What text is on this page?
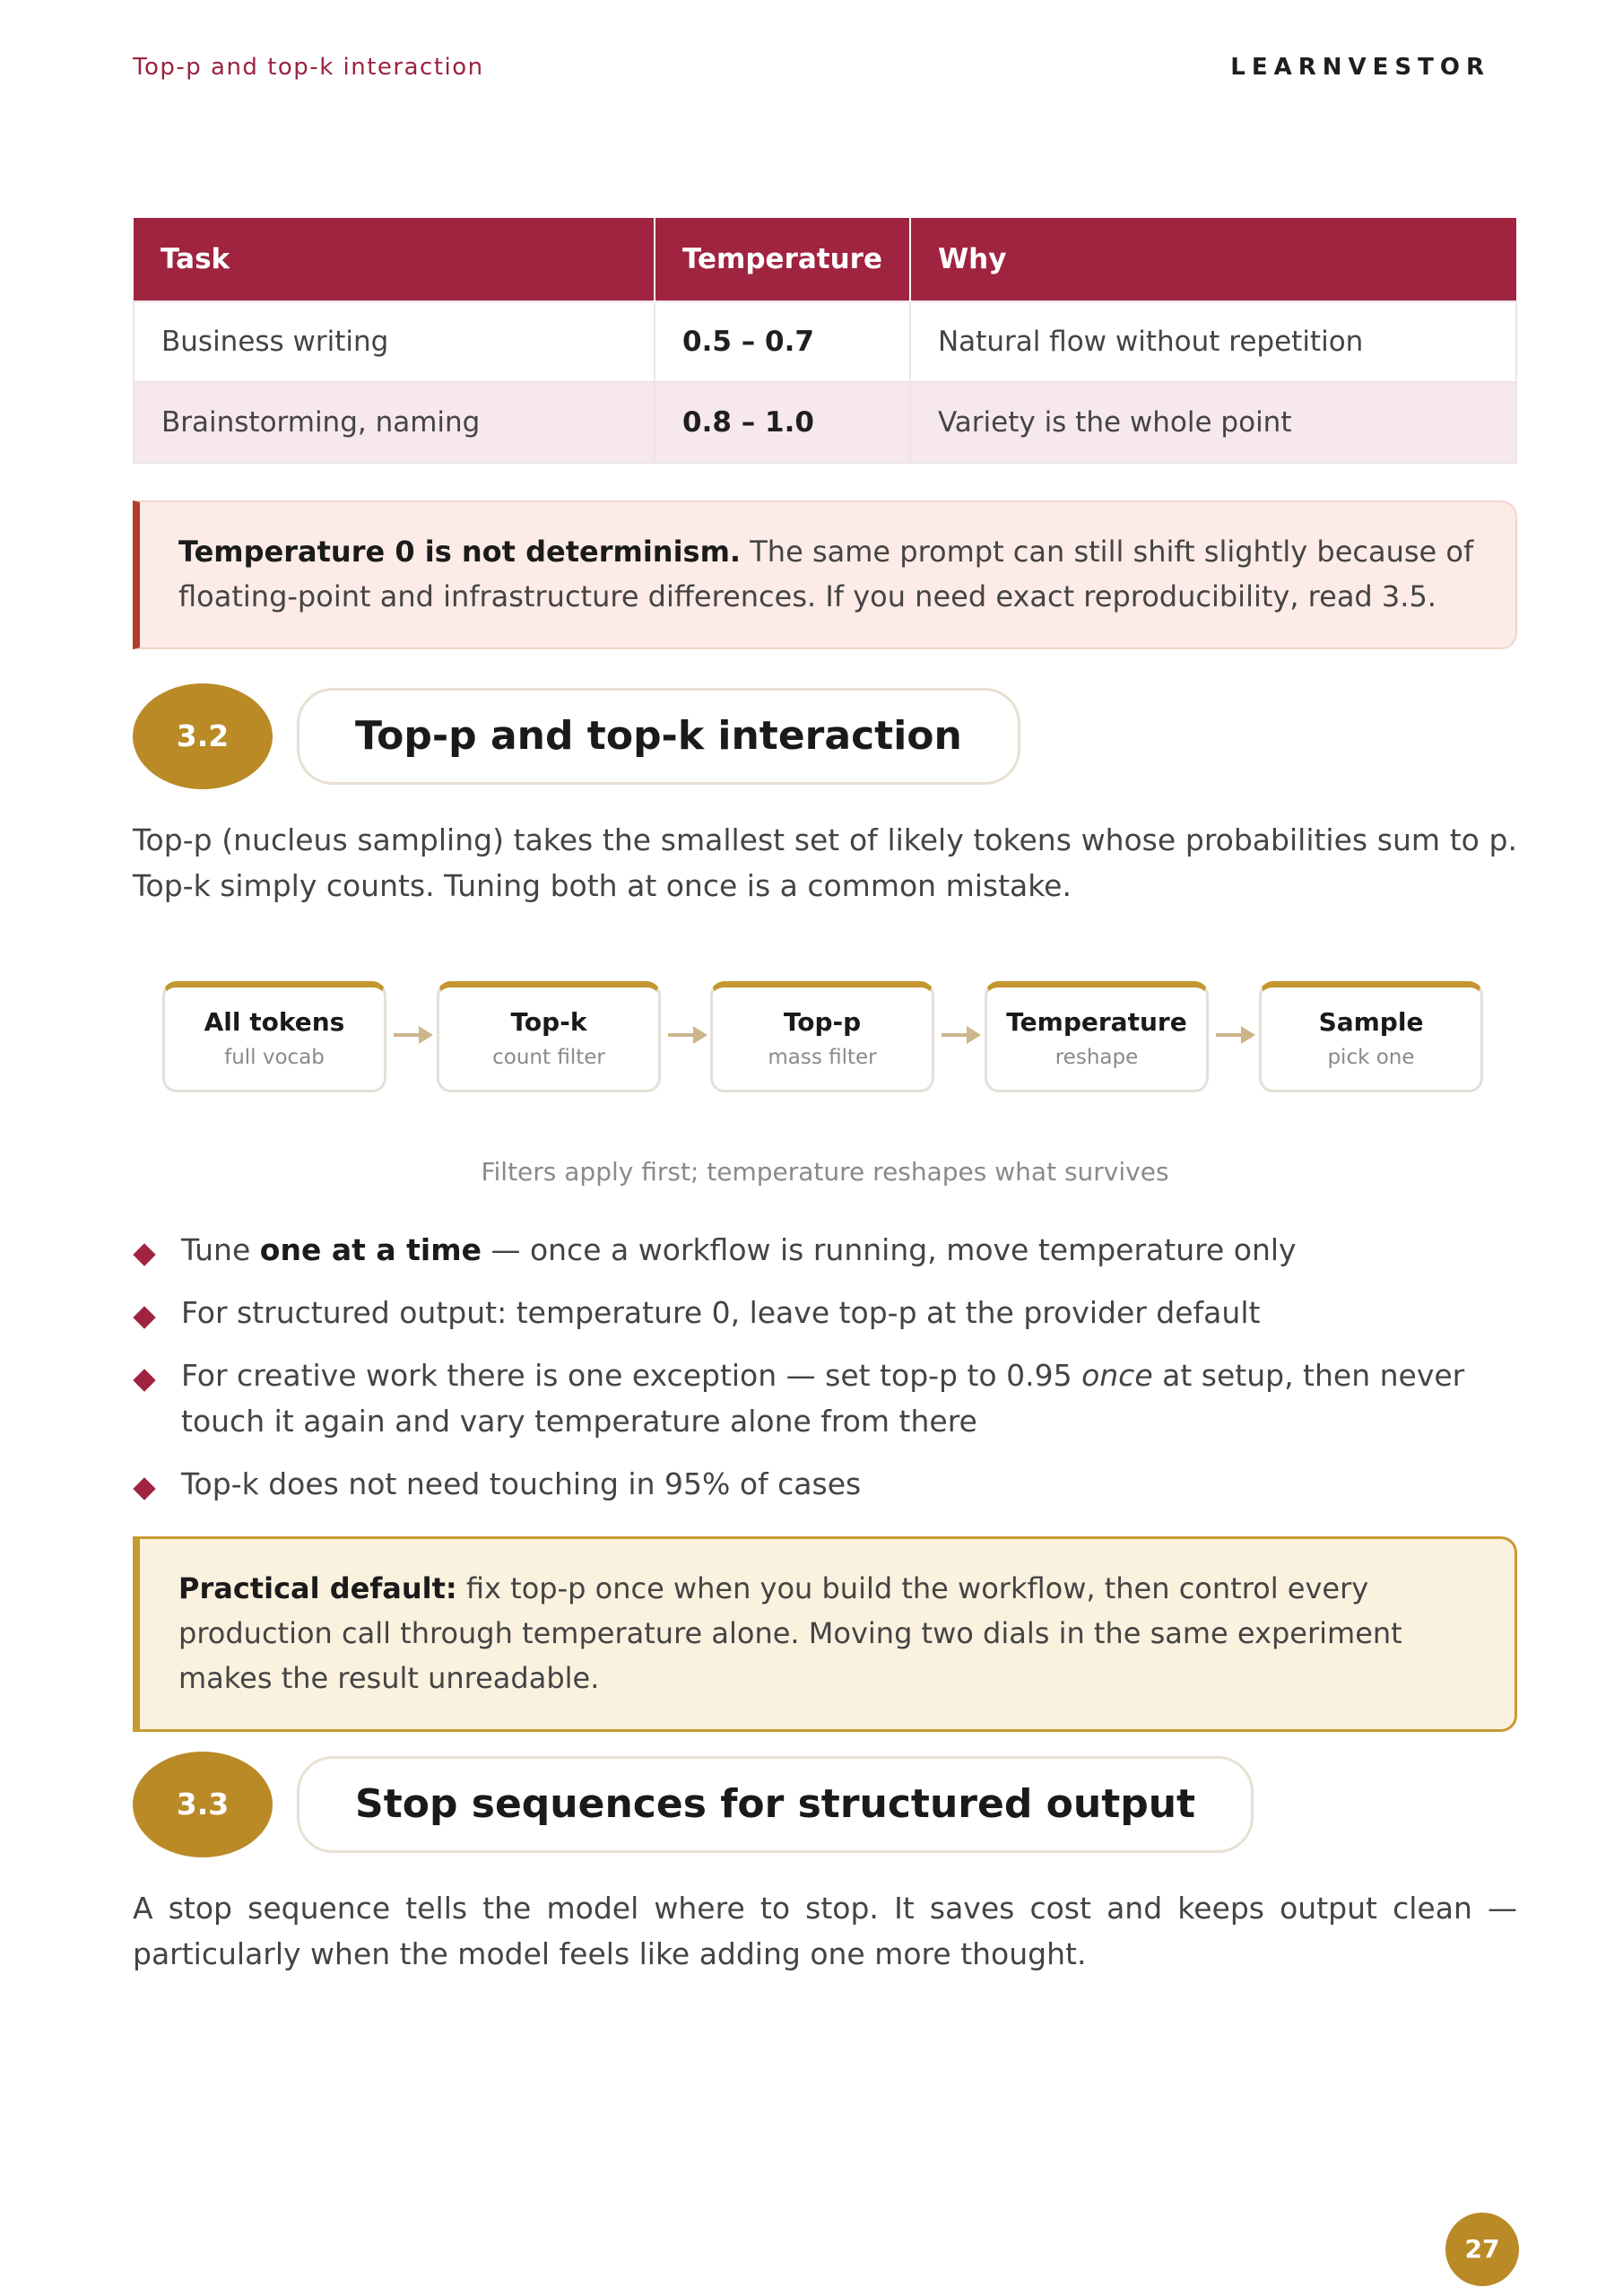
Top-p and top-k interaction	LEARNVESTOR
Task	Temperature	Why
Business writing	0.5 – 0.7	Natural flow without repetition
Brainstorming, naming	0.8 – 1.0	Variety is the whole point
Temperature 0 is not determinism. The same prompt can still shift slightly because of floating-point and infrastructure differences. If you need exact reproducibility, read 3.5.
3.2	Top-p and top-k interaction
Top-p (nucleus sampling) takes the smallest set of likely tokens whose probabilities sum to p. Top-k simply counts. Tuning both at once is a common mistake.
All tokens
full vocab
Top-k
count filter
Top-p
mass filter
Temperature
reshape
Sample
pick one
Filters apply first; temperature reshapes what survives
Tune one at a time — once a workflow is running, move temperature only
For structured output: temperature 0, leave top-p at the provider default
For creative work there is one exception — set top-p to 0.95 once at setup, then never touch it again and vary temperature alone from there
Top-k does not need touching in 95% of cases
Practical default: fix top-p once when you build the workflow, then control every production call through temperature alone. Moving two dials in the same experiment makes the result unreadable.
3.3	Stop sequences for structured output
A stop sequence tells the model where to stop. It saves cost and keeps output clean — particularly when the model feels like adding one more thought.
27
